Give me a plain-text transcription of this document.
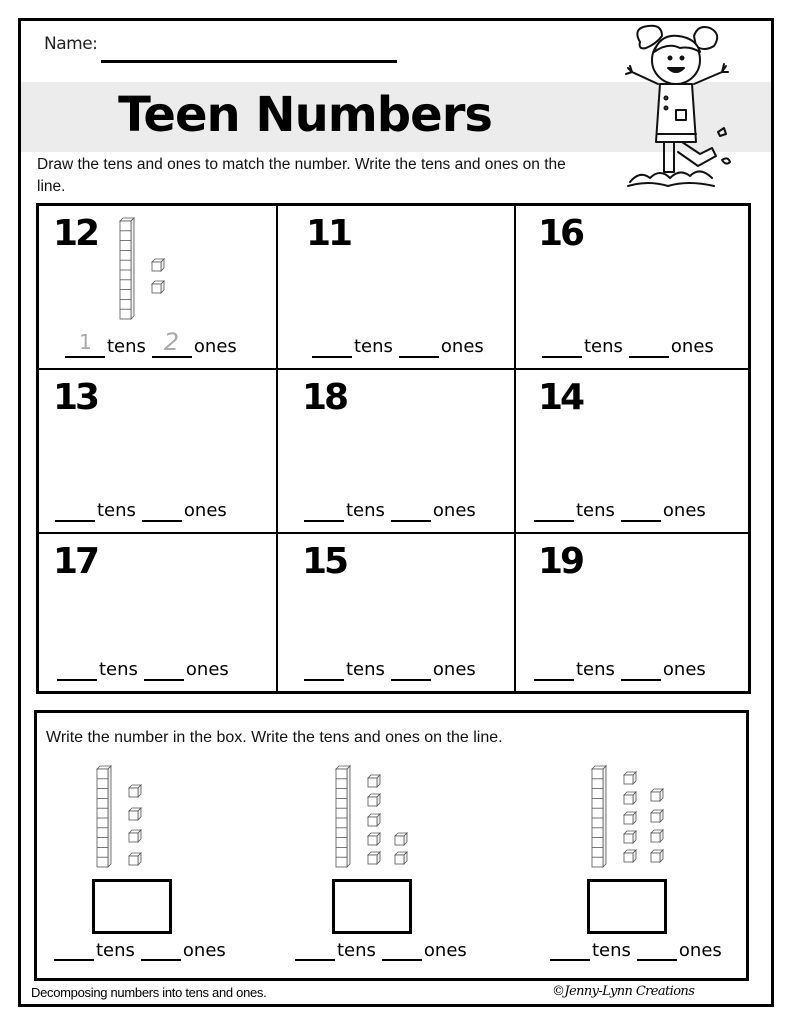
Name:
Teen Numbers
Draw the tens and ones to match the number. Write the tens and ones on the line.
12
1 tens 2 ones
11
tens	ones
16
tens	ones
13
tens	ones
18
tens	ones
14
tens	ones
17
tens	ones
15
tens	ones
19
tens	ones
Write the number in the box. Write the tens and ones on the line.
tens	ones	tens	ones	tens	ones
Decomposing numbers into tens and ones.	©Jenny-Lynn Creations
